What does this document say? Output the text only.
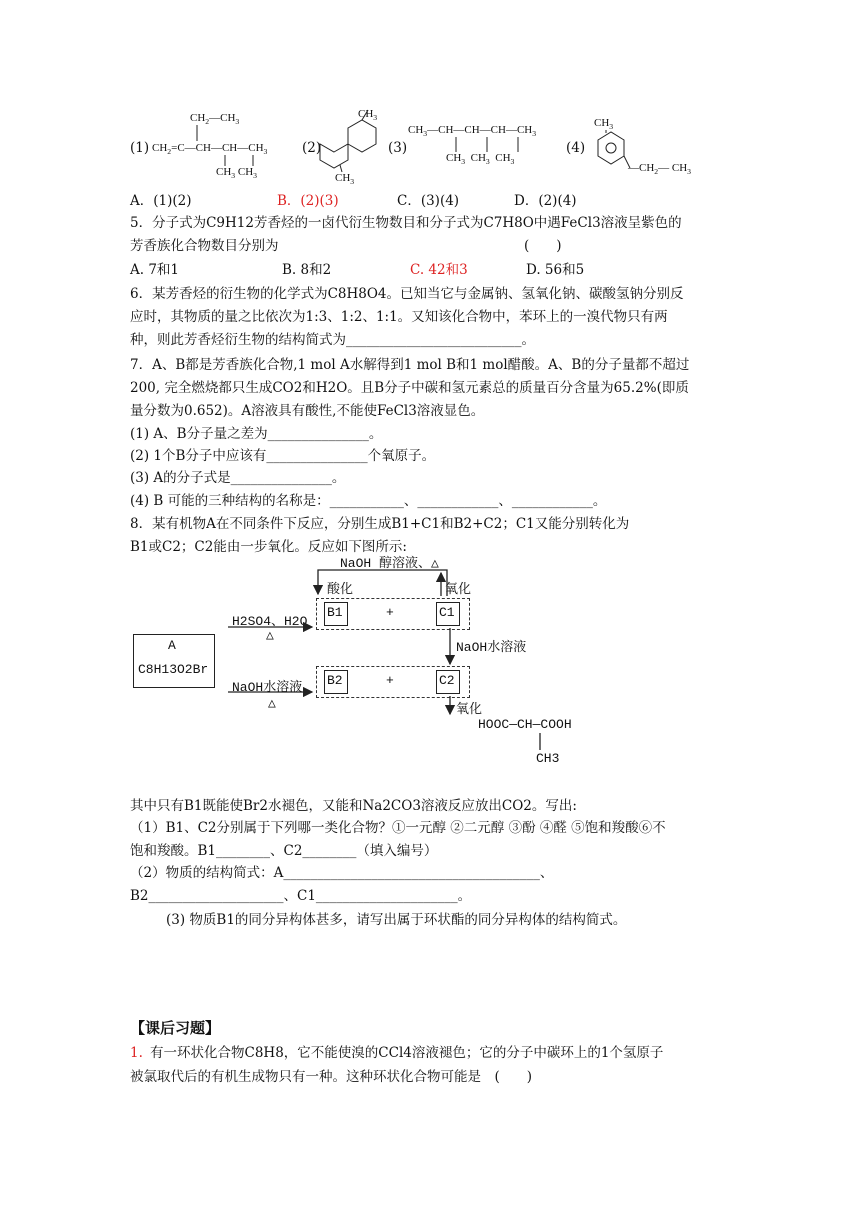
(1)
$CH_2—CH_3$
$CH_2=C—CH—CH—CH_3$
$CH_3$ $CH_3$
(2)	(3)
$CH_3—CH—CH—CH—CH_3$
$CH_3$  $CH_3$  $CH_3$
(4)
$CH_3$
$—CH_2—$ $CH_3$
$CH_3$
$CH_3$
A．(1)(2)	B．(2)(3)	C．(3)(4)	D．(2)(4)
5．分子式为C9H12芳香烃的一卤代衍生物数目和分子式为C7H8O中遇FeCl3溶液呈紫色的
芳香族化合物数目分别为	(　　)
A. 7和1	B. 8和2	C. 42和3	D. 56和5
6．某芳香烃的衍生物的化学式为C8H8O4。已知当它与金属钠、氢氧化钠、碳酸氢钠分别反
应时，其物质的量之比依次为1:3、1:2、1:1。又知该化合物中，苯环上的一溴代物只有两
种，则此芳香烃衍生物的结构简式为__________________________。
7．A、B都是芳香族化合物,1 mol A水解得到1 mol B和1 mol醋酸。A、B的分子量都不超过
200, 完全燃烧都只生成CO2和H2O。且B分子中碳和氢元素总的质量百分含量为65.2%(即质
量分数为0.652)。A溶液具有酸性,不能使FeCl3溶液显色。
(1) A、B分子量之差为_______________。
(2) 1个B分子中应该有_______________个氧原子。
(3) A的分子式是_______________。
(4) B 可能的三种结构的名称是：___________、____________、____________。
8．某有机物A在不同条件下反应，分别生成B1+C1和B2+C2；C1又能分别转化为
B1或C2；C2能由一步氧化。反应如下图所示:
A
C8H13O2Br
B1	+	C1
B2	+	C2
NaOH 醇溶液、△
酸化	氧化
H2SO4、H2O
△
NaOH水溶液
NaOH水溶液
△	氧化
HOOC—CH—COOH
CH3
其中只有B1既能使Br2水褪色，又能和Na2CO3溶液反应放出CO2。写出:
（1）B1、C2分别属于下列哪一类化合物？①一元醇 ②二元醇 ③酚 ④醛 ⑤饱和羧酸⑥不
饱和羧酸。B1________、C2________（填入编号）
（2）物质的结构简式：A______________________________________、
B2____________________、C1_____________________。
(3) 物质B1的同分异构体甚多，请写出属于环状酯的同分异构体的结构简式。
【课后习题】
1. 有一环状化合物C8H8，它不能使溴的CCl4溶液褪色；它的分子中碳环上的1个氢原子
被氯取代后的有机生成物只有一种。这种环状化合物可能是　(　　)
